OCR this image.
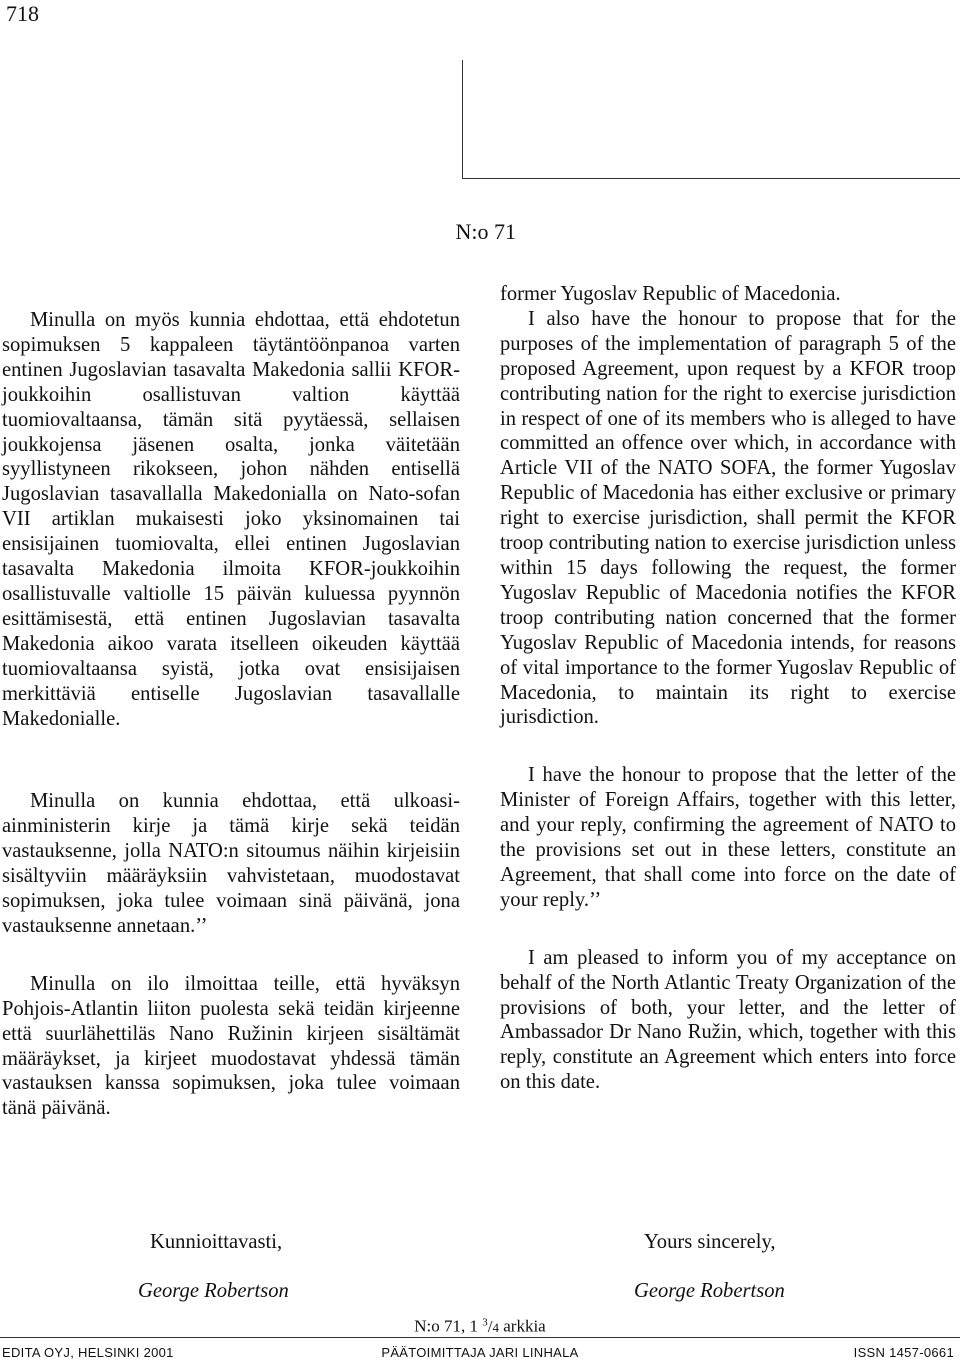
718
N:o 71

Minulla on myös kunnia ehdottaa, että ehdotetun sopimuksen 5 kappaleen täytäntöönpanoa varten entinen Jugoslavian tasavalta Makedonia sallii KFOR-joukkoihin osallistuvan valtion käyttää tuomiovaltaansa, tämän sitä pyytäessä, sellaisen joukkojensa jäsenen osalta, jonka väitetään syyllistyneen rikokseen, johon nähden entisellä Jugoslavian tasavallalla Makedonialla on Nato-sofan VII artiklan mukaisesti joko yksinomainen tai ensisijainen tuomiovalta, ellei entinen Jugoslavian tasavalta Makedonia ilmoita KFOR-joukkoihin osallistuvalle valtiolle 15 päivän kuluessa pyynnön esittämisestä, että entinen Jugoslavian tasavalta Makedonia aikoo varata itselleen oikeuden käyttää tuomiovaltaansa syistä, jotka ovat ensisijaisen merkittäviä entiselle Jugoslavian tasavallalle Makedonialle.

Minulla on kunnia ehdottaa, että ulkoasiainministerin kirje ja tämä kirje sekä teidän vastauksenne, jolla NATO:n sitoumus näihin kirjeisiin sisältyviin määräyksiin vahvistetaan, muodostavat sopimuksen, joka tulee voimaan sinä päivänä, jona vastauksenne annetaan.’’

Minulla on ilo ilmoittaa teille, että hyväksyn Pohjois-Atlantin liiton puolesta sekä teidän kirjeenne että suurlähettiläs Nano Ružinin kirjeen sisältämät määräykset, ja kirjeet muodostavat yhdessä tämän vastauksen kanssa sopimuksen, joka tulee voimaan tänä päivänä.

former Yugoslav Republic of Macedonia.

I also have the honour to propose that for the purposes of the implementation of paragraph 5 of the proposed Agreement, upon request by a KFOR troop contributing nation for the right to exercise jurisdiction in respect of one of its members who is alleged to have committed an offence over which, in accordance with Article VII of the NATO SOFA, the former Yugoslav Republic of Macedonia has either exclusive or primary right to exercise jurisdiction, shall permit the KFOR troop contributing nation to exercise jurisdiction unless within 15 days following the request, the former Yugoslav Republic of Macedonia notifies the KFOR troop contributing nation concerned that the former Yugoslav Republic of Macedonia intends, for reasons of vital importance to the former Yugoslav Republic of Macedonia, to maintain its right to exercise jurisdiction.

I have the honour to propose that the letter of the Minister of Foreign Affairs, together with this letter, and your reply, confirming the agreement of NATO to the provisions set out in these letters, constitute an Agreement, that shall come into force on the date of your reply.’’

I am pleased to inform you of my acceptance on behalf of the North Atlantic Treaty Organization of the provisions of both, your letter, and the letter of Ambassador Dr Nano Ružin, which, together with this reply, constitute an Agreement which enters into force on this date.

Kunnioittavasti,	Yours sincerely,
George Robertson	George Robertson
N:o 71, 1 $^3$/4 arkkia
EDITA OYJ, HELSINKI 2001	PÄÄTOIMITTAJA JARI LINHALA	ISSN 1457-0661
